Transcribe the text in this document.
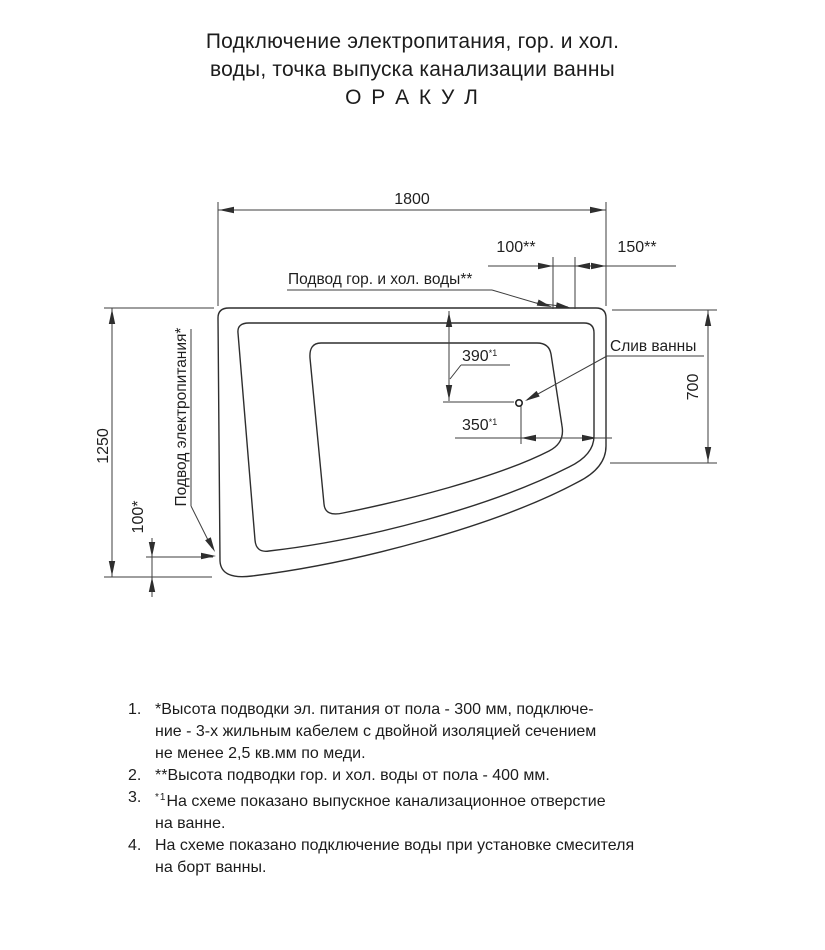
Подключение электропитания, гор. и хол.
воды, точка выпуска канализации ванны
О Р А К У Л
1800
100**	150**
Подвод гор. и хол. воды**
1250
100*
Подвод электропитания*	700
390$^{*1}$
350$^{*1}$
Слив ванны
1. *Высота подводки эл. питания от пола - 300 мм, подключе-
ние - 3-х жильным кабелем с двойной изоляцией сечением
не менее 2,5 кв.мм по меди.
2. **Высота подводки гор. и хол. воды от пола - 400 мм.
3.	$^{*1}$На схеме показано выпускное канализационное отверстие
на ванне.
4. На схеме показано подключение воды при установке смесителя
на борт ванны.
